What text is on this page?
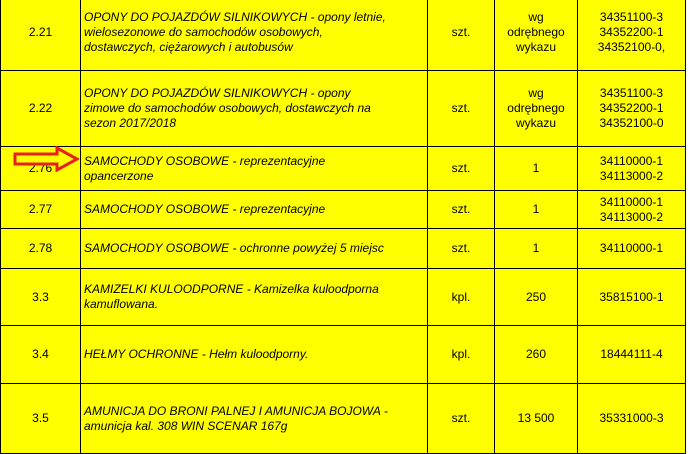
2.21	OPONY DO POJAZDÓW SILNIKOWYCH - opony letnie,
wielosezonowe do samochodów osobowych,
dostawczych, ciężarowych i autobusów	szt.	wg
odrębnego
wykazu	34351100-3
34352200-1
34352100-0,

2.22	OPONY DO POJAZDÓW SILNIKOWYCH - opony
zimowe do samochodów osobowych, dostawczych na
sezon 2017/2018	szt.	wg
odrębnego
wykazu	34351100-3
34352200-1
34352100-0

2.76	SAMOCHODY OSOBOWE - reprezentacyjne
opancerzone	szt.	1	34110000-1
34113000-2

2.77	SAMOCHODY OSOBOWE - reprezentacyjne	szt.	1	34110000-1
34113000-2

2.78	SAMOCHODY OSOBOWE - ochronne powyżej 5 miejsc	szt.	1	34110000-1

3.3	KAMIZELKI KULOODPORNE - Kamizelka kuloodporna
kamuflowana.	kpl.	250	35815100-1

3.4	HEŁMY OCHRONNE - Hełm kuloodporny.	kpl.	260	18444111-4

3.5	AMUNICJA DO BRONI PALNEJ I AMUNICJA BOJOWA -
amunicja kal. 308 WIN SCENAR 167g	szt.	13 500	35331000-3
